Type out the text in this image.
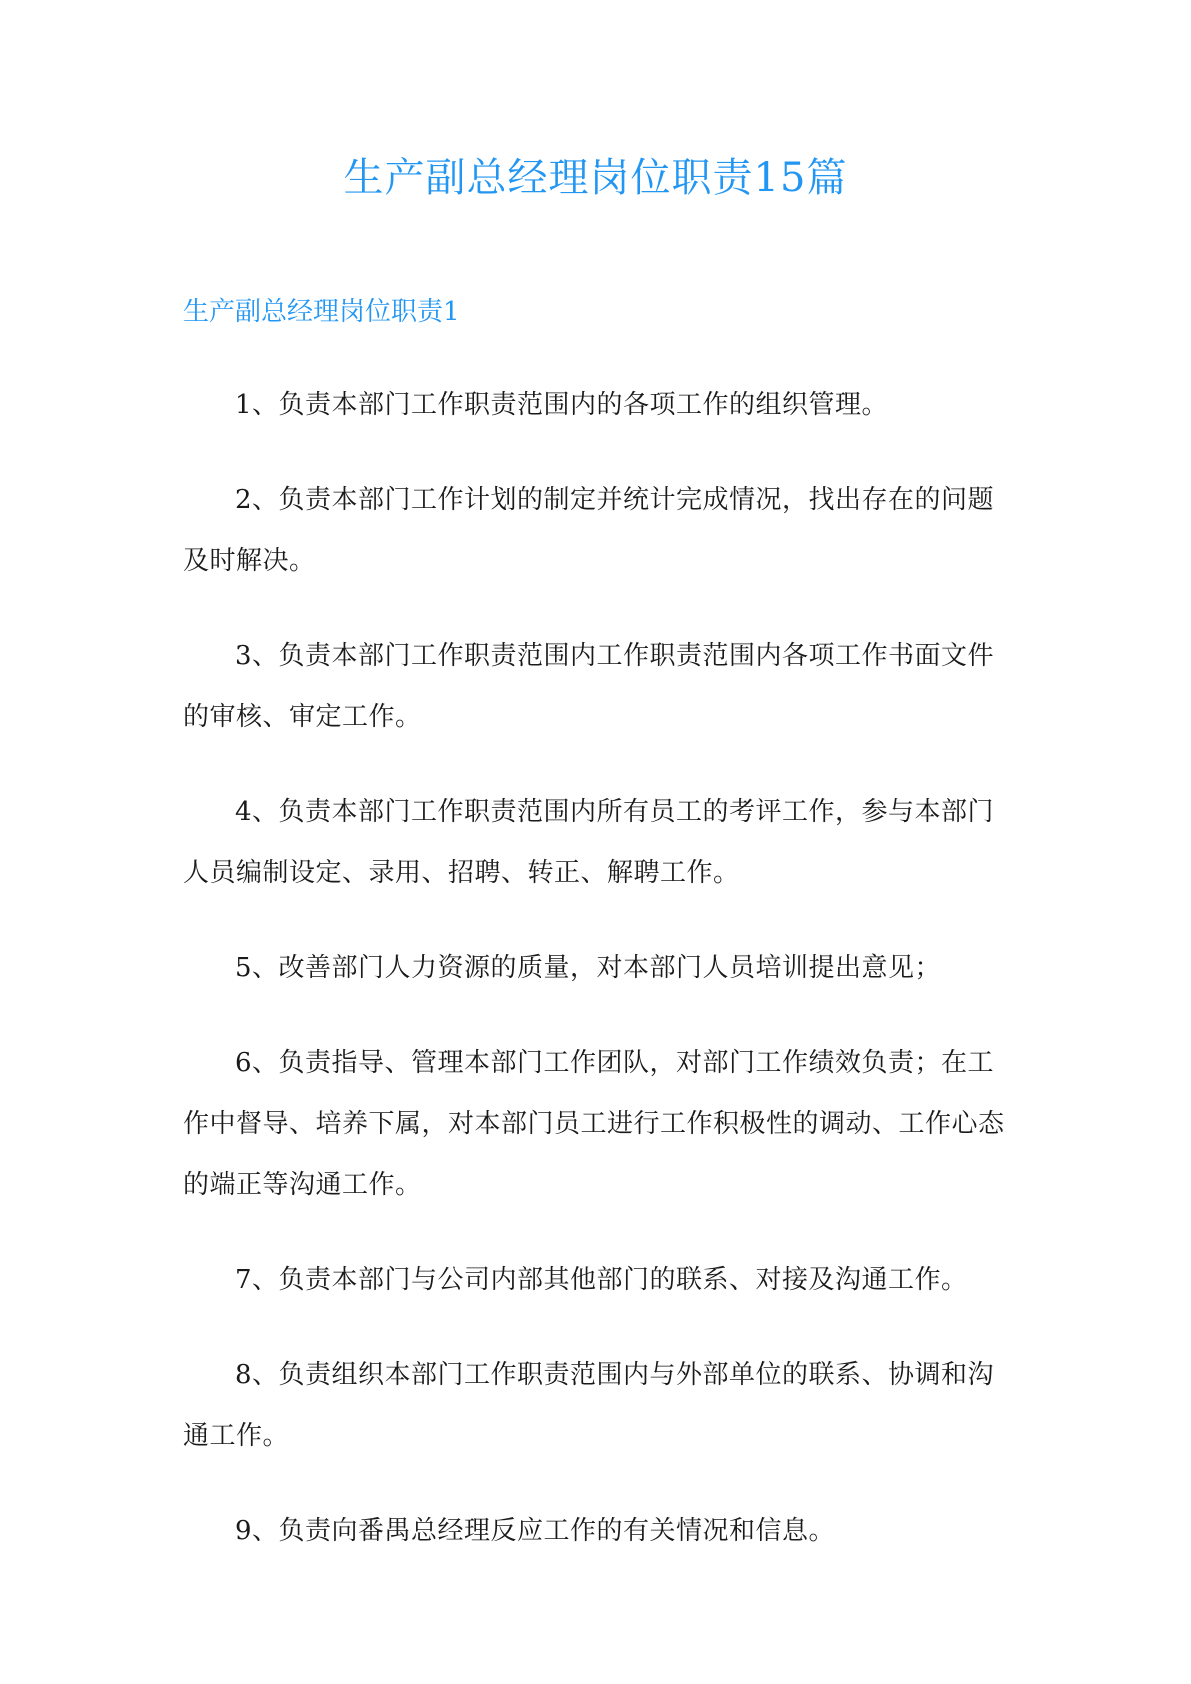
生产副总经理岗位职责15篇
生产副总经理岗位职责1
1、负责本部门工作职责范围内的各项工作的组织管理。
2、负责本部门工作计划的制定并统计完成情况，找出存在的问题
及时解决。
3、负责本部门工作职责范围内工作职责范围内各项工作书面文件
的审核、审定工作。
4、负责本部门工作职责范围内所有员工的考评工作，参与本部门
人员编制设定、录用、招聘、转正、解聘工作。
5、改善部门人力资源的质量，对本部门人员培训提出意见；
6、负责指导、管理本部门工作团队，对部门工作绩效负责；在工
作中督导、培养下属，对本部门员工进行工作积极性的调动、工作心态
的端正等沟通工作。
7、负责本部门与公司内部其他部门的联系、对接及沟通工作。
8、负责组织本部门工作职责范围内与外部单位的联系、协调和沟
通工作。
9、负责向番禺总经理反应工作的有关情况和信息。
